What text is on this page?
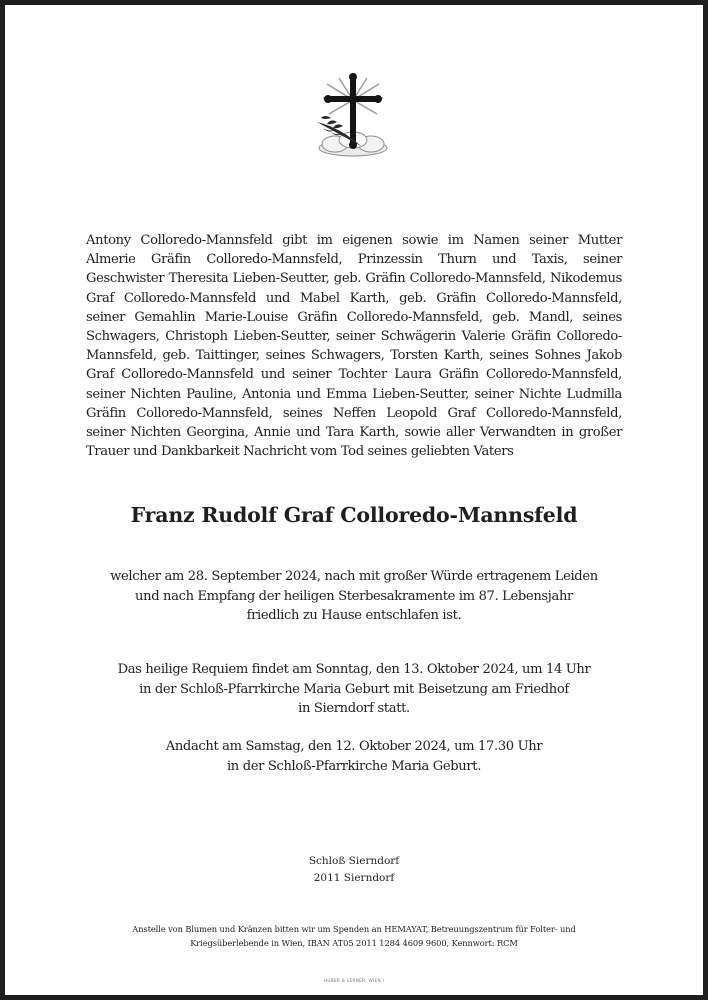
Antony Colloredo-Mannsfeld gibt im eigenen sowie im Namen seiner Mutter Almerie Gräfin Colloredo-Mannsfeld, Prinzessin Thurn und Taxis, seiner Geschwister Theresita Lieben-Seutter, geb. Gräfin Colloredo-Mannsfeld, Nikodemus Graf Colloredo-Mannsfeld und Mabel Karth, geb. Gräfin Colloredo-Mannsfeld, seiner Gemahlin Marie-Louise Gräfin Colloredo-Mannsfeld, geb. Mandl, seines Schwagers, Christoph Lieben-Seutter, seiner Schwägerin Valerie Gräfin Colloredo-Mannsfeld, geb. Taittinger, seines Schwagers, Torsten Karth, seines Sohnes Jakob Graf Colloredo-Mannsfeld und seiner Tochter Laura Gräfin Colloredo-Mannsfeld, seiner Nichten Pauline, Antonia und Emma Lieben-Seutter, seiner Nichte Ludmilla Gräfin Colloredo-Mannsfeld, seines Neffen Leopold Graf Colloredo-Mannsfeld, seiner Nichten Georgina, Annie und Tara Karth, sowie aller Verwandten in großer Trauer und Dankbarkeit Nachricht vom Tod seines geliebten Vaters
Franz Rudolf Graf Colloredo-Mannsfeld

welcher am 28. September 2024, nach mit großer Würde ertragenem Leiden

und nach Empfang der heiligen Sterbesakramente im 87. Lebensjahr

friedlich zu Hause entschlafen ist.

Das heilige Requiem findet am Sonntag, den 13. Oktober 2024, um 14 Uhr

in der Schloß-Pfarrkirche Maria Geburt mit Beisetzung am Friedhof

in Sierndorf statt.

Andacht am Samstag, den 12. Oktober 2024, um 17.30 Uhr

in der Schloß-Pfarrkirche Maria Geburt.

Schloß Sierndorf

2011 Sierndorf

Anstelle von Blumen und Kränzen bitten wir um Spenden an HEMAYAT, Betreuungszentrum für Folter- und

Kriegsüberlebende in Wien, IBAN AT05 2011 1284 4609 9600, Kennwort: RCM

HUBER & LERNER, WIEN I
